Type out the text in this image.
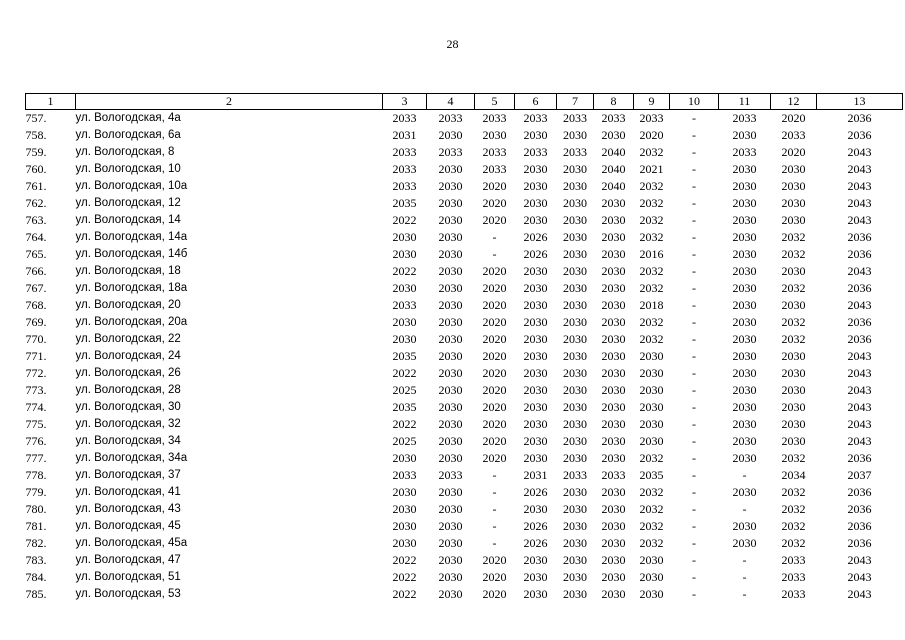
28
1	2	3	4	5	6	7	8	9	10	11	12	13
757.	ул. Вологодская, 4а	2033	2033	2033	2033	2033	2033	2033	-	2033	2020	2036
758.	ул. Вологодская, 6а	2031	2030	2030	2030	2030	2030	2020	-	2030	2033	2036
759.	ул. Вологодская, 8	2033	2033	2033	2033	2033	2040	2032	-	2033	2020	2043
760.	ул. Вологодская, 10	2033	2030	2033	2030	2030	2040	2021	-	2030	2030	2043
761.	ул. Вологодская, 10а	2033	2030	2020	2030	2030	2040	2032	-	2030	2030	2043
762.	ул. Вологодская, 12	2035	2030	2020	2030	2030	2030	2032	-	2030	2030	2043
763.	ул. Вологодская, 14	2022	2030	2020	2030	2030	2030	2032	-	2030	2030	2043
764.	ул. Вологодская, 14а	2030	2030	-	2026	2030	2030	2032	-	2030	2032	2036
765.	ул. Вологодская, 14б	2030	2030	-	2026	2030	2030	2016	-	2030	2032	2036
766.	ул. Вологодская, 18	2022	2030	2020	2030	2030	2030	2032	-	2030	2030	2043
767.	ул. Вологодская, 18а	2030	2030	2020	2030	2030	2030	2032	-	2030	2032	2036
768.	ул. Вологодская, 20	2033	2030	2020	2030	2030	2030	2018	-	2030	2030	2043
769.	ул. Вологодская, 20а	2030	2030	2020	2030	2030	2030	2032	-	2030	2032	2036
770.	ул. Вологодская, 22	2030	2030	2020	2030	2030	2030	2032	-	2030	2032	2036
771.	ул. Вологодская, 24	2035	2030	2020	2030	2030	2030	2030	-	2030	2030	2043
772.	ул. Вологодская, 26	2022	2030	2020	2030	2030	2030	2030	-	2030	2030	2043
773.	ул. Вологодская, 28	2025	2030	2020	2030	2030	2030	2030	-	2030	2030	2043
774.	ул. Вологодская, 30	2035	2030	2020	2030	2030	2030	2030	-	2030	2030	2043
775.	ул. Вологодская, 32	2022	2030	2020	2030	2030	2030	2030	-	2030	2030	2043
776.	ул. Вологодская, 34	2025	2030	2020	2030	2030	2030	2030	-	2030	2030	2043
777.	ул. Вологодская, 34а	2030	2030	2020	2030	2030	2030	2032	-	2030	2032	2036
778.	ул. Вологодская, 37	2033	2033	-	2031	2033	2033	2035	-	-	2034	2037
779.	ул. Вологодская, 41	2030	2030	-	2026	2030	2030	2032	-	2030	2032	2036
780.	ул. Вологодская, 43	2030	2030	-	2030	2030	2030	2032	-	-	2032	2036
781.	ул. Вологодская, 45	2030	2030	-	2026	2030	2030	2032	-	2030	2032	2036
782.	ул. Вологодская, 45а	2030	2030	-	2026	2030	2030	2032	-	2030	2032	2036
783.	ул. Вологодская, 47	2022	2030	2020	2030	2030	2030	2030	-	-	2033	2043
784.	ул. Вологодская, 51	2022	2030	2020	2030	2030	2030	2030	-	-	2033	2043
785.	ул. Вологодская, 53	2022	2030	2020	2030	2030	2030	2030	-	-	2033	2043
